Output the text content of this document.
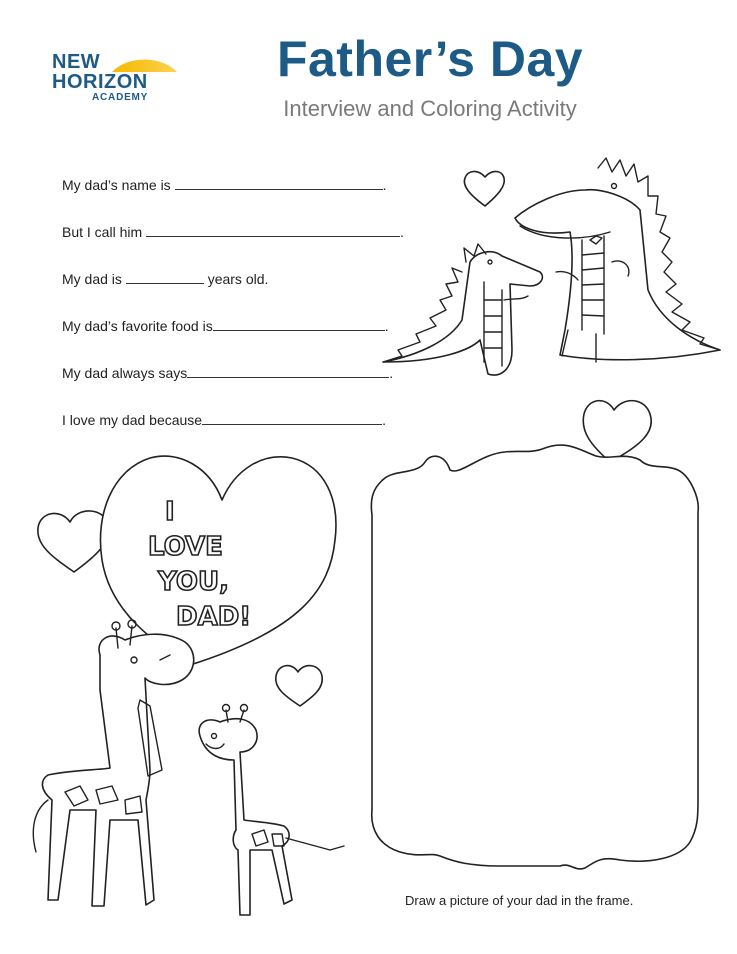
NEW
HORIZON
ACADEMY
Father’s Day
Interview and Coloring Activity
My dad’s name is	.
But I call him	.
My dad is	years old.
My dad’s favorite food is	.
My dad always says	.
I love my dad because	.
I
LOVE
YOU,
DAD!
Draw a picture of your dad in the frame.
